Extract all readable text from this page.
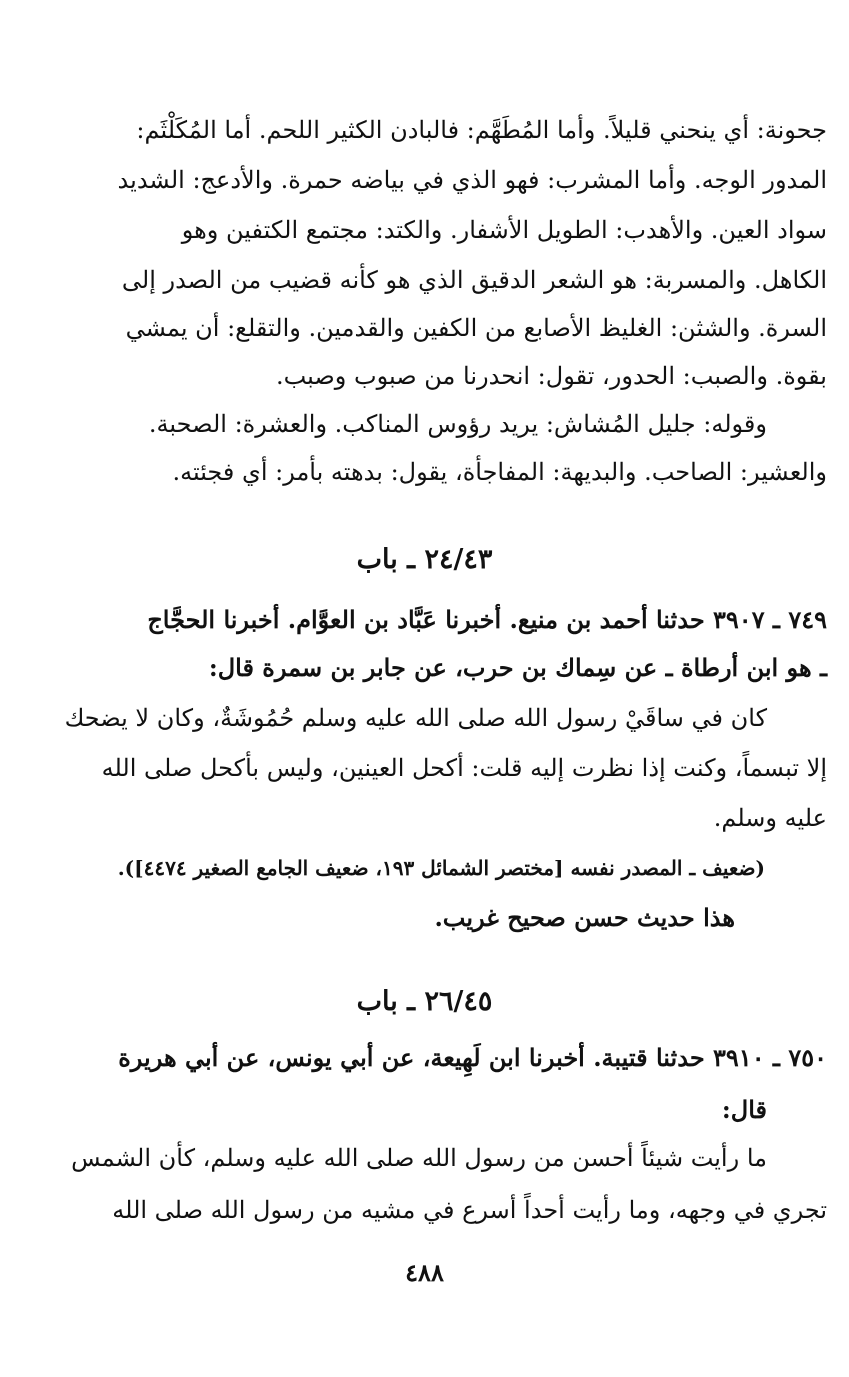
جحونة: أي ينحني قليلاً. وأما المُطَهَّم: فالبادن الكثير اللحم. أما المُكَلْثَم:
المدور الوجه. وأما المشرب: فهو الذي في بياضه حمرة. والأدعج: الشديد
سواد العين. والأهدب: الطويل الأشفار. والكتد: مجتمع الكتفين وهو
الكاهل. والمسربة: هو الشعر الدقيق الذي هو كأنه قضيب من الصدر إلى
السرة. والشثن: الغليظ الأصابع من الكفين والقدمين. والتقلع: أن يمشي
بقوة. والصبب: الحدور، تقول: انحدرنا من صبوب وصبب.
وقوله: جليل المُشاش: يريد رؤوس المناكب. والعشرة: الصحبة.
والعشير: الصاحب. والبديهة: المفاجأة، يقول: بدهته بأمر: أي فجئته.
٢٤/٤٣ ـ باب
٧٤٩ ـ ٣٩٠٧ حدثنا أحمد بن منيع. أخبرنا عَبَّاد بن العوَّام. أخبرنا الحجَّاج
ـ هو ابن أرطاة ـ عن سِماك بن حرب، عن جابر بن سمرة قال:
كان في ساقَيْ رسول الله صلى الله عليه وسلم حُمُوشَةٌ، وكان لا يضحك
إلا تبسماً، وكنت إذا نظرت إليه قلت: أكحل العينين، وليس بأكحل صلى الله
عليه وسلم.
(ضعيف ـ المصدر نفسه [مختصر الشمائل ١٩٣، ضعيف الجامع الصغير ٤٤٧٤]).
هذا حديث حسن صحيح غريب.
٢٦/٤٥ ـ باب
٧٥٠ ـ ٣٩١٠ حدثنا قتيبة. أخبرنا ابن لَهِيعة، عن أبي يونس، عن أبي هريرة
قال:
ما رأيت شيئاً أحسن من رسول الله صلى الله عليه وسلم، كأن الشمس
تجري في وجهه، وما رأيت أحداً أسرع في مشيه من رسول الله صلى الله
٤٨٨
